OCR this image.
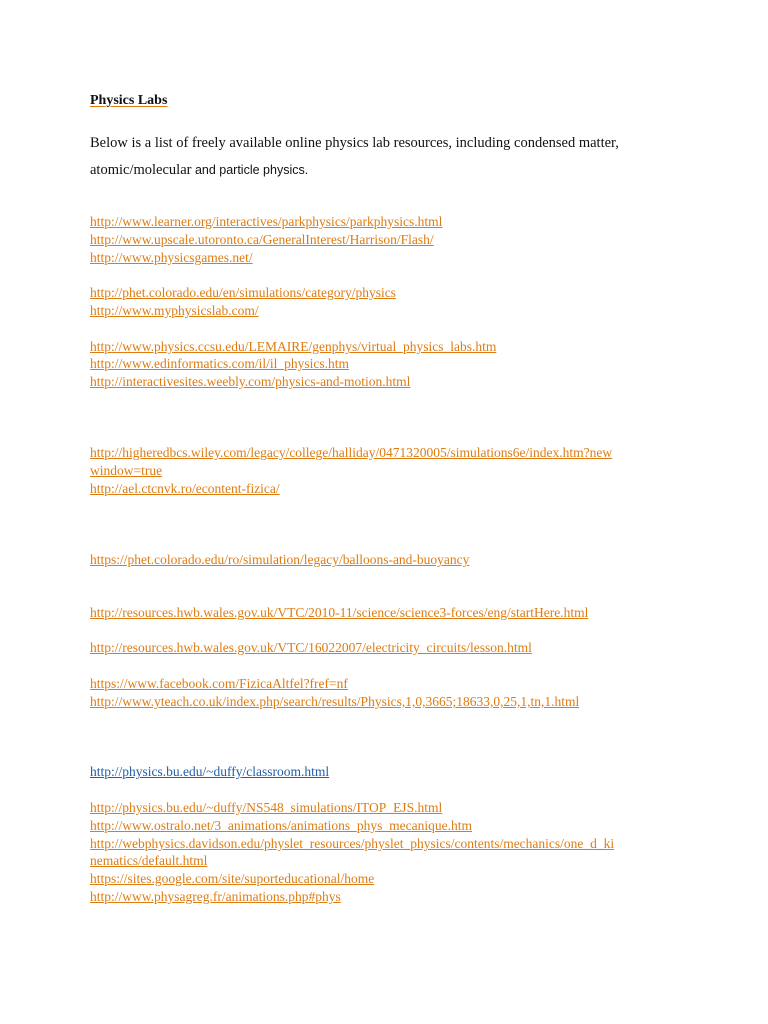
Physics Labs
Below is a list of freely available online physics lab resources, including condensed matter,
atomic/molecular and particle physics.
http://www.learner.org/interactives/parkphysics/parkphysics.html
http://www.upscale.utoronto.ca/GeneralInterest/Harrison/Flash/
http://www.physicsgames.net/
http://phet.colorado.edu/en/simulations/category/physics
http://www.myphysicslab.com/
http://www.physics.ccsu.edu/LEMAIRE/genphys/virtual_physics_labs.htm
http://www.edinformatics.com/il/il_physics.htm
http://interactivesites.weebly.com/physics-and-motion.html
http://higheredbcs.wiley.com/legacy/college/halliday/0471320005/simulations6e/index.htm?new
window=true
http://ael.ctcnvk.ro/econtent-fizica/
https://phet.colorado.edu/ro/simulation/legacy/balloons-and-buoyancy
http://resources.hwb.wales.gov.uk/VTC/2010-11/science/science3-forces/eng/startHere.html
http://resources.hwb.wales.gov.uk/VTC/16022007/electricity_circuits/lesson.html
https://www.facebook.com/FizicaAltfel?fref=nf
http://www.yteach.co.uk/index.php/search/results/Physics,1,0,3665;18633,0,25,1,tn,1.html
http://physics.bu.edu/~duffy/classroom.html
http://physics.bu.edu/~duffy/NS548_simulations/ITOP_EJS.html
http://www.ostralo.net/3_animations/animations_phys_mecanique.htm
http://webphysics.davidson.edu/physlet_resources/physlet_physics/contents/mechanics/one_d_ki
nematics/default.html
https://sites.google.com/site/suporteducational/home
http://www.physagreg.fr/animations.php#phys
